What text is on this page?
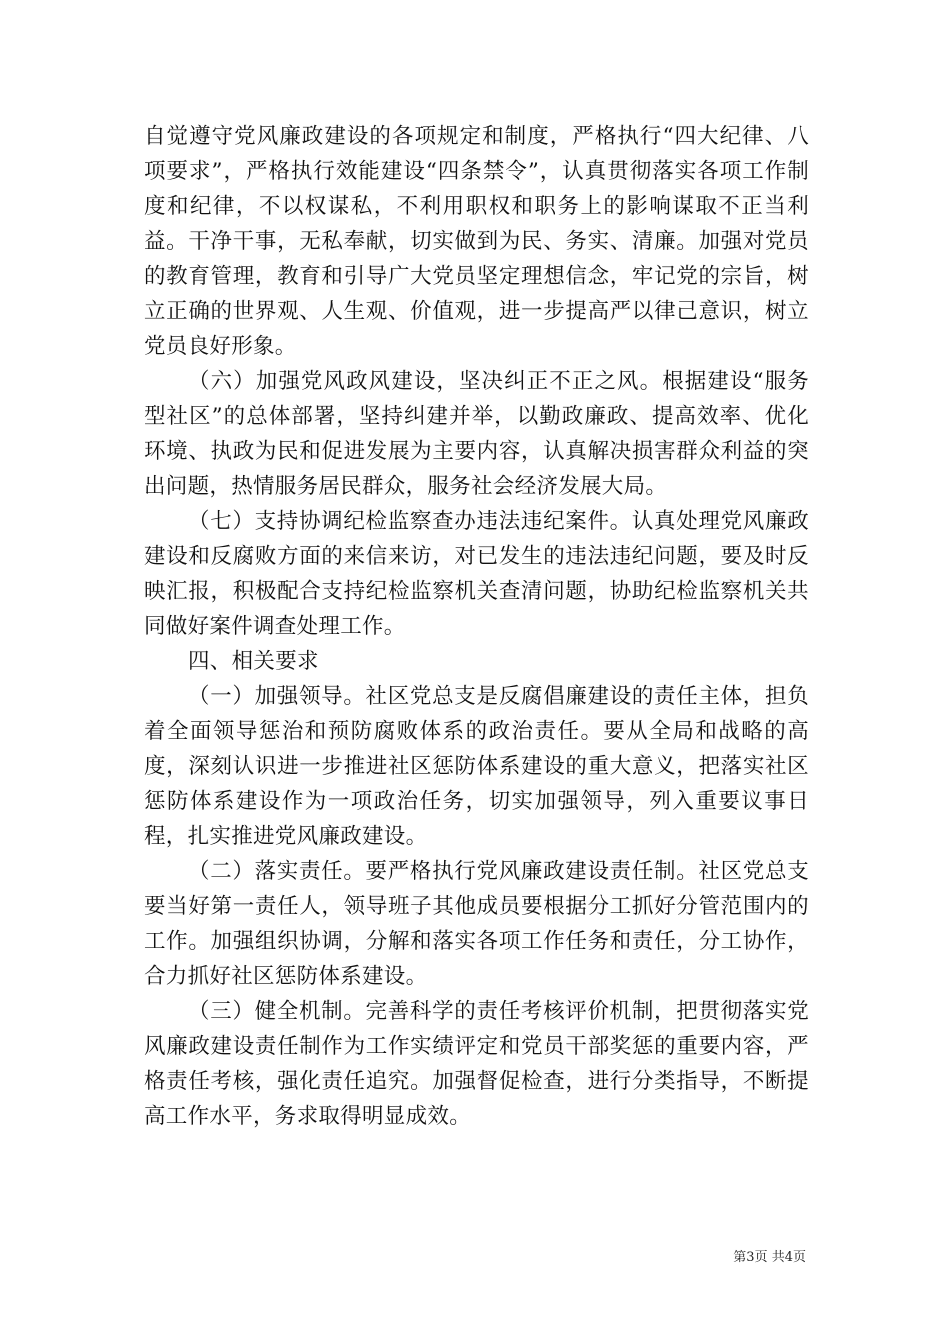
自觉遵守党风廉政建设的各项规定和制度，严格执行“四大纪律、八项要求”，严格执行效能建设“四条禁令”，认真贯彻落实各项工作制度和纪律，不以权谋私，不利用职权和职务上的影响谋取不正当利益。干净干事，无私奉献，切实做到为民、务实、清廉。加强对党员的教育管理，教育和引导广大党员坚定理想信念，牢记党的宗旨，树立正确的世界观、人生观、价值观，进一步提高严以律己意识，树立党员良好形象。

（六）加强党风政风建设，坚决纠正不正之风。根据建设“服务型社区”的总体部署，坚持纠建并举，以勤政廉政、提高效率、优化环境、执政为民和促进发展为主要内容，认真解决损害群众利益的突出问题，热情服务居民群众，服务社会经济发展大局。

（七）支持协调纪检监察查办违法违纪案件。认真处理党风廉政建设和反腐败方面的来信来访，对已发生的违法违纪问题，要及时反映汇报，积极配合支持纪检监察机关查清问题，协助纪检监察机关共同做好案件调查处理工作。

四、相关要求

（一）加强领导。社区党总支是反腐倡廉建设的责任主体，担负着全面领导惩治和预防腐败体系的政治责任。要从全局和战略的高度，深刻认识进一步推进社区惩防体系建设的重大意义，把落实社区惩防体系建设作为一项政治任务，切实加强领导，列入重要议事日程，扎实推进党风廉政建设。

（二）落实责任。要严格执行党风廉政建设责任制。社区党总支要当好第一责任人，领导班子其他成员要根据分工抓好分管范围内的工作。加强组织协调，分解和落实各项工作任务和责任，分工协作，合力抓好社区惩防体系建设。

（三）健全机制。完善科学的责任考核评价机制，把贯彻落实党风廉政建设责任制作为工作实绩评定和党员干部奖惩的重要内容，严格责任考核，强化责任追究。加强督促检查，进行分类指导，不断提高工作水平，务求取得明显成效。

第3页 共4页
